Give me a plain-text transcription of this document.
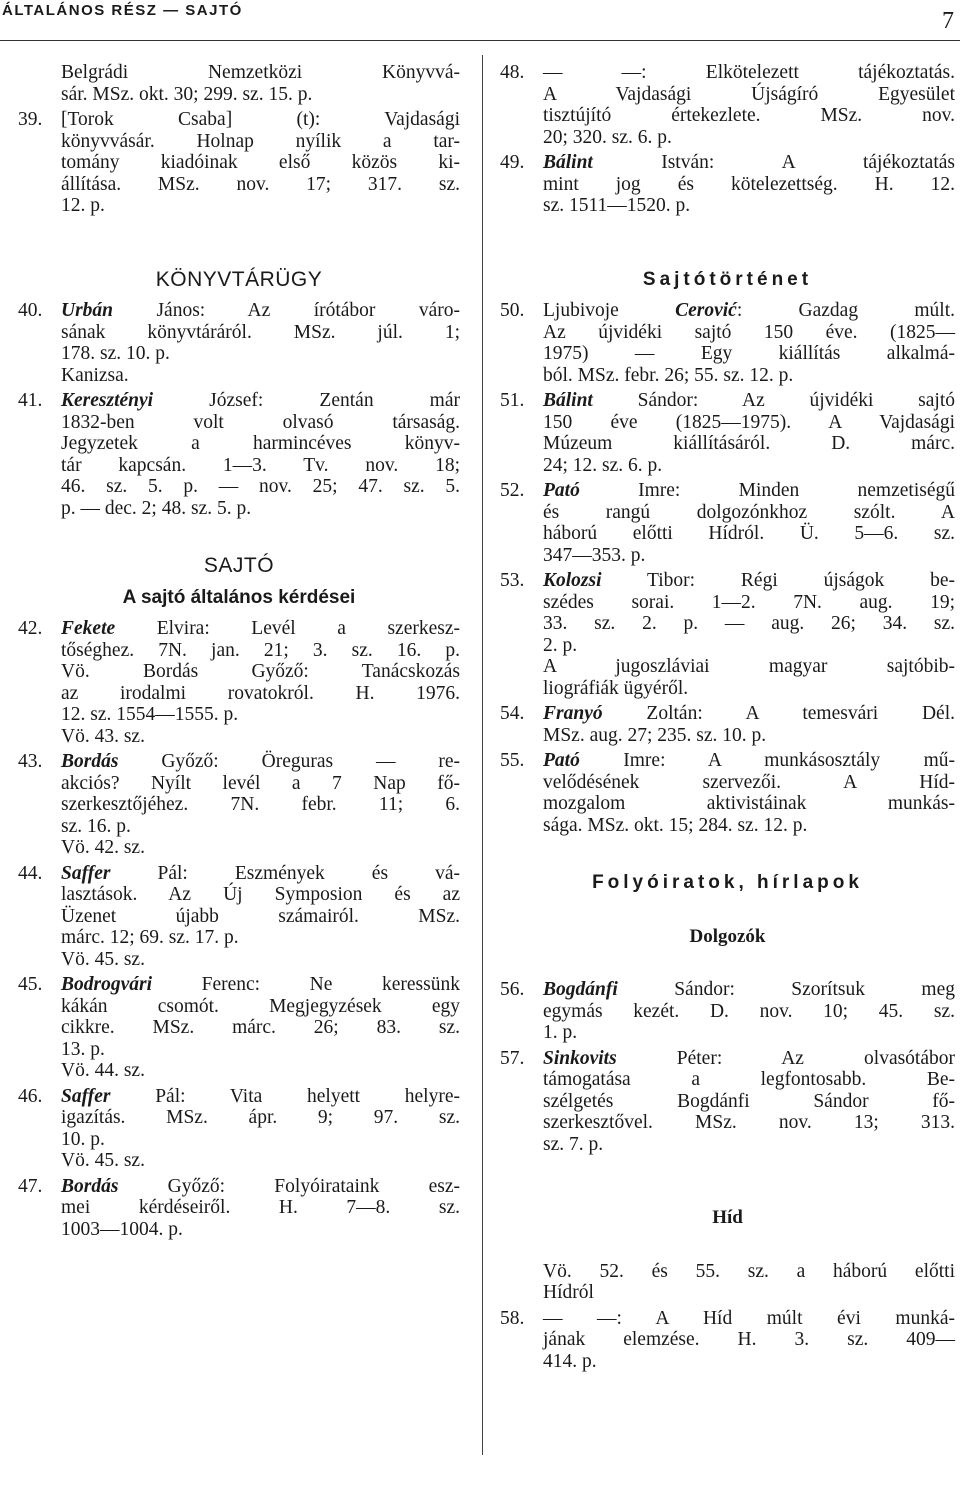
ÁLTALÁNOS RÉSZ — SAJTÓ	7
Belgrádi Nemzetközi Könyvvá-
sár. MSz. okt. 30; 299. sz. 15. p.
39. [Torok Csaba] (t): Vajdasági
könyvvásár. Holnap nyílik a tar-
tomány kiadóinak első közös ki-
állítása. MSz. nov. 17; 317. sz.
12. p.
KÖNYVTÁRÜGY
40. Urbán János: Az írótábor váro-
sának könyvtáráról. MSz. júl. 1;
178. sz. 10. p.
Kanizsa.
41. Keresztényi József: Zentán már
1832-ben volt olvasó társaság.
Jegyzetek a harmincéves könyv-
tár kapcsán. 1—3. Tv. nov. 18;
46. sz. 5. p. — nov. 25; 47. sz. 5.
p. — dec. 2; 48. sz. 5. p.
SAJTÓ
A sajtó általános kérdései
42. Fekete Elvira: Levél a szerkesz-
tőséghez. 7N. jan. 21; 3. sz. 16. p.
Vö. Bordás Győző: Tanácskozás
az irodalmi rovatokról. H. 1976.
12. sz. 1554—1555. p.
Vö. 43. sz.
43. Bordás Győző: Öreguras — re-
akciós? Nyílt levél a 7 Nap fő-
szerkesztőjéhez. 7N. febr. 11; 6.
sz. 16. p.
Vö. 42. sz.
44. Saffer Pál: Eszmények és vá-
lasztások. Az Új Symposion és az
Üzenet újabb számairól. MSz.
márc. 12; 69. sz. 17. p.
Vö. 45. sz.
45. Bodrogvári Ferenc: Ne keressünk
kákán csomót. Megjegyzések egy
cikkre. MSz. márc. 26; 83. sz.
13. p.
Vö. 44. sz.
46. Saffer Pál: Vita helyett helyre-
igazítás. MSz. ápr. 9; 97. sz.
10. p.
Vö. 45. sz.
47. Bordás Győző: Folyóirataink esz-
mei kérdéseiről. H. 7—8. sz.
1003—1004. p.
48. — —: Elkötelezett tájékoztatás.
A Vajdasági Újságíró Egyesület
tisztújító értekezlete. MSz. nov.
20; 320. sz. 6. p.
49. Bálint István: A tájékoztatás
mint jog és kötelezettség. H. 12.
sz. 1511—1520. p.
Sajtótörténet
50. Ljubivoje Cerović: Gazdag múlt.
Az újvidéki sajtó 150 éve. (1825—
1975) — Egy kiállítás alkalmá-
ból. MSz. febr. 26; 55. sz. 12. p.
51. Bálint Sándor: Az újvidéki sajtó
150 éve (1825—1975). A Vajdasági
Múzeum kiállításáról. D. márc.
24; 12. sz. 6. p.
52. Pató Imre: Minden nemzetiségű
és rangú dolgozónkhoz szólt. A
háború előtti Hídról. Ü. 5—6. sz.
347—353. p.
53. Kolozsi Tibor: Régi újságok be-
szédes sorai. 1—2. 7N. aug. 19;
33. sz. 2. p. — aug. 26; 34. sz.
2. p.
A jugoszláviai magyar sajtóbib-
liográfiák ügyéről.
54. Franyó Zoltán: A temesvári Dél.
MSz. aug. 27; 235. sz. 10. p.
55. Pató Imre: A munkásosztály mű-
velődésének szervezői. A Híd-
mozgalom aktivistáinak munkás-
sága. MSz. okt. 15; 284. sz. 12. p.
Folyóiratok, hírlapok
Dolgozók
56. Bogdánfi Sándor: Szorítsuk meg
egymás kezét. D. nov. 10; 45. sz.
1. p.
57. Sinkovits Péter: Az olvasótábor
támogatása a legfontosabb. Be-
szélgetés Bogdánfi Sándor fő-
szerkesztővel. MSz. nov. 13; 313.
sz. 7. p.
Híd
Vö. 52. és 55. sz. a háború előtti
Hídról
58. — —: A Híd múlt évi munká-
jának elemzése. H. 3. sz. 409—
414. p.
